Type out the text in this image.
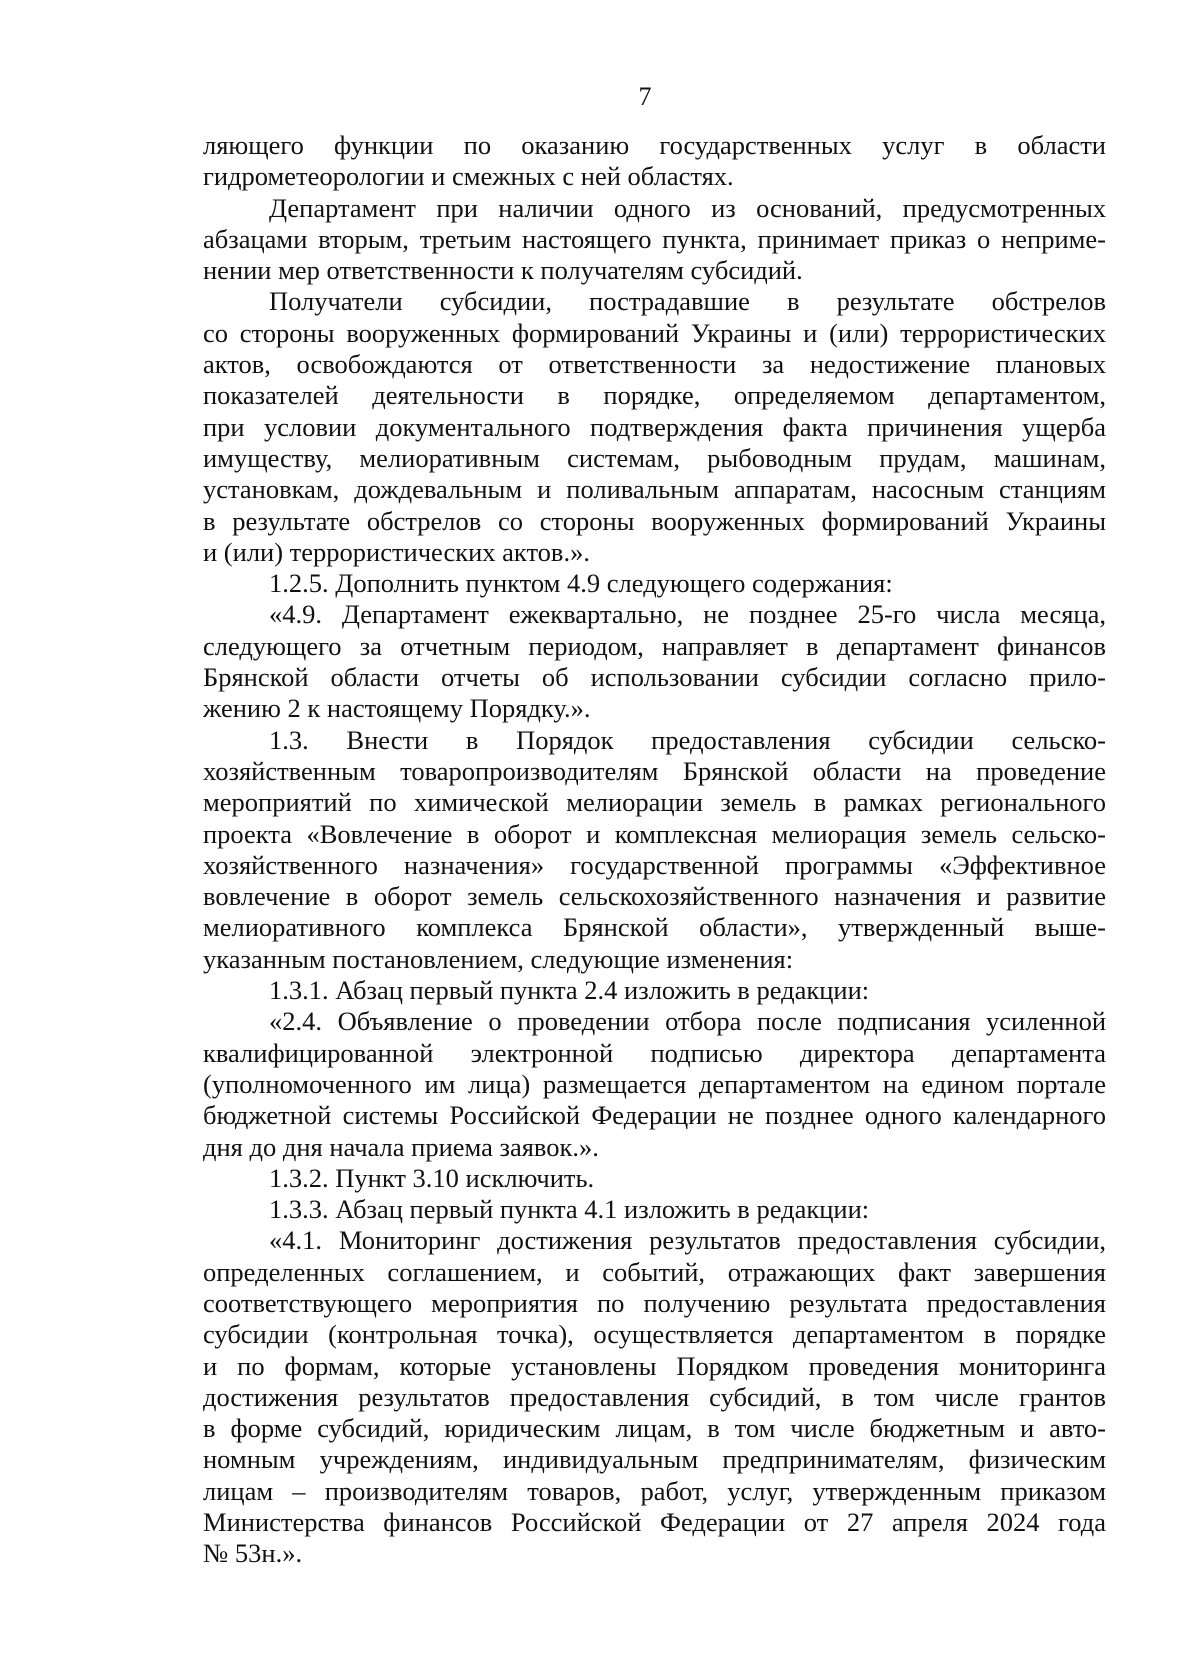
7
ляющего функции по оказанию государственных услуг в области
гидрометеорологии и смежных с ней областях.
Департамент при наличии одного из оснований, предусмотренных
абзацами вторым, третьим настоящего пункта, принимает приказ о неприме-
нении мер ответственности к получателям субсидий.
Получатели субсидии, пострадавшие в результате обстрелов
со стороны вооруженных формирований Украины и (или) террористических
актов, освобождаются от ответственности за недостижение плановых
показателей деятельности в порядке, определяемом департаментом,
при условии документального подтверждения факта причинения ущерба
имуществу, мелиоративным системам, рыбоводным прудам, машинам,
установкам, дождевальным и поливальным аппаратам, насосным станциям
в результате обстрелов со стороны вооруженных формирований Украины
и (или) террористических актов.».
1.2.5. Дополнить пунктом 4.9 следующего содержания:
«4.9. Департамент ежеквартально, не позднее 25-го числа месяца,
следующего за отчетным периодом, направляет в департамент финансов
Брянской области отчеты об использовании субсидии согласно прило-
жению 2 к настоящему Порядку.».
1.3. Внести в Порядок предоставления субсидии сельско-
хозяйственным товаропроизводителям Брянской области на проведение
мероприятий по химической мелиорации земель в рамках регионального
проекта «Вовлечение в оборот и комплексная мелиорация земель сельско-
хозяйственного назначения» государственной программы «Эффективное
вовлечение в оборот земель сельскохозяйственного назначения и развитие
мелиоративного комплекса Брянской области», утвержденный выше-
указанным постановлением, следующие изменения:
1.3.1. Абзац первый пункта 2.4 изложить в редакции:
«2.4. Объявление о проведении отбора после подписания усиленной
квалифицированной электронной подписью директора департамента
(уполномоченного им лица) размещается департаментом на едином портале
бюджетной системы Российской Федерации не позднее одного календарного
дня до дня начала приема заявок.».
1.3.2. Пункт 3.10 исключить.
1.3.3. Абзац первый пункта 4.1 изложить в редакции:
«4.1. Мониторинг достижения результатов предоставления субсидии,
определенных соглашением, и событий, отражающих факт завершения
соответствующего мероприятия по получению результата предоставления
субсидии (контрольная точка), осуществляется департаментом в порядке
и по формам, которые установлены Порядком проведения мониторинга
достижения результатов предоставления субсидий, в том числе грантов
в форме субсидий, юридическим лицам, в том числе бюджетным и авто-
номным учреждениям, индивидуальным предпринимателям, физическим
лицам – производителям товаров, работ, услуг, утвержденным приказом
Министерства финансов Российской Федерации от 27 апреля 2024 года
№ 53н.».
